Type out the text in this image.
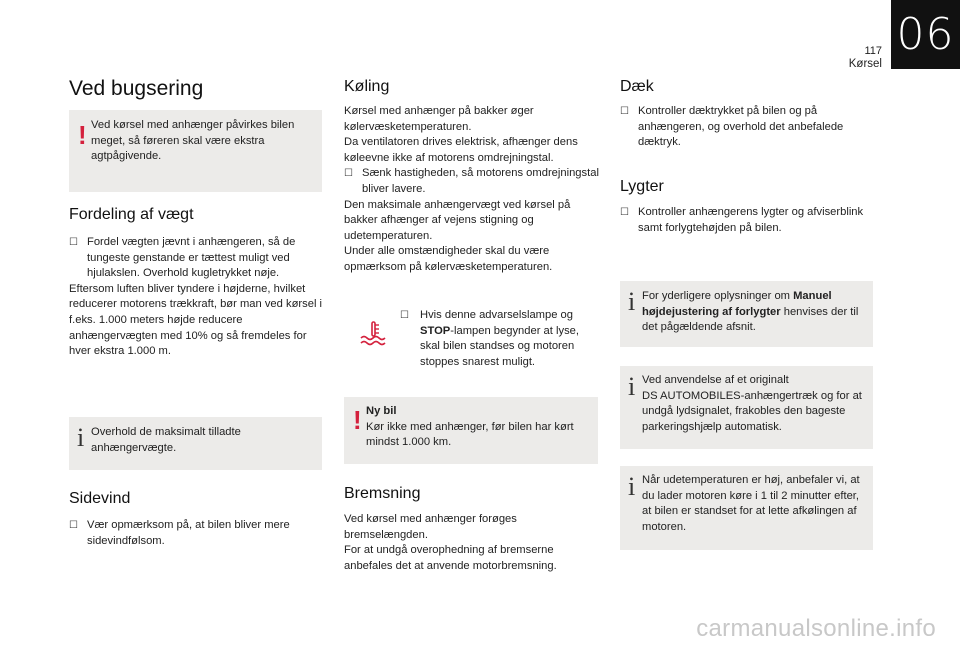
06
117
Kørsel
Ved bugsering
! Ved kørsel med anhænger påvirkes bilen meget, så føreren skal være ekstra agtpågivende.
Fordeling af vægt
☐ Fordel vægten jævnt i anhængeren, så de tungeste genstande er tættest muligt ved hjulakslen. Overhold kugletrykket nøje.

Eftersom luften bliver tyndere i højderne, hvilket reducerer motorens trækkraft, bør man ved kørsel i f.eks. 1.000 meters højde reducere anhængervægten med 10% og så fremdeles for hver ekstra 1.000 m.

i Overhold de maksimalt tilladte anhængervægte.
Sidevind
☐ Vær opmærksom på, at bilen bliver mere sidevindfølsom.
Køling

Kørsel med anhænger på bakker øger kølervæsketemperaturen.

Da ventilatoren drives elektrisk, afhænger dens køleevne ikke af motorens omdrejningstal.

☐ Sænk hastigheden, så motorens omdrejningstal bliver lavere.

Den maksimale anhængervægt ved kørsel på bakker afhænger af vejens stigning og udetemperaturen.

Under alle omstændigheder skal du være opmærksom på kølervæsketemperaturen.

☐ Hvis denne advarselslampe og STOP-lampen begynder at lyse, skal bilen standses og motoren stoppes snarest muligt.
! Ny bil
Kør ikke med anhænger, før bilen har kørt mindst 1.000 km.
Bremsning

Ved kørsel med anhænger forøges bremselængden.

For at undgå overophedning af bremserne anbefales det at anvende motorbremsning.

Dæk
☐ Kontroller dæktrykket på bilen og på anhængeren, og overhold det anbefalede dæktryk.
Lygter
☐ Kontroller anhængerens lygter og afviserblink samt forlygtehøjden på bilen.
i For yderligere oplysninger om Manuel højdejustering af forlygter henvises der til det pågældende afsnit.
i Ved anvendelse af et originalt
DS AUTOMOBILES-anhængertræk og for at undgå lydsignalet, frakobles den bageste parkeringshjælp automatisk.
i Når udetemperaturen er høj, anbefaler vi, at du lader motoren køre i 1 til 2 minutter efter, at bilen er standset for at lette afkølingen af motoren.
carmanualsonline.info
